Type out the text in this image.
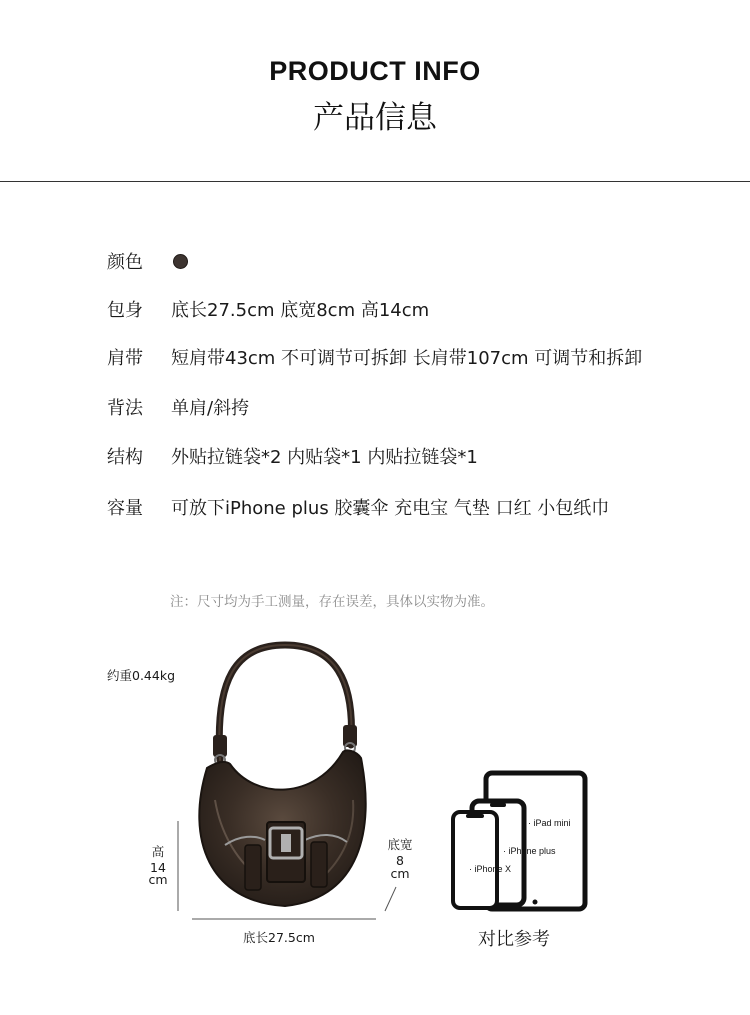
PRODUCT INFO
产品信息
颜色
包身	底长27.5cm 底宽8cm 高14cm
肩带	短肩带43cm 不可调节可拆卸 长肩带107cm 可调节和拆卸
背法	单肩/斜挎
结构	外贴拉链袋*2 内贴袋*1 内贴拉链袋*1
容量	可放下iPhone plus 胶囊伞 充电宝 气垫 口红 小包纸巾
注：尺寸均为手工测量，存在误差，具体以实物为准。
约重0.44kg
高
14
cm
底宽
8
cm
底长27.5cm
· iPad mini
· iPhone plus
· iPhone X
对比参考
